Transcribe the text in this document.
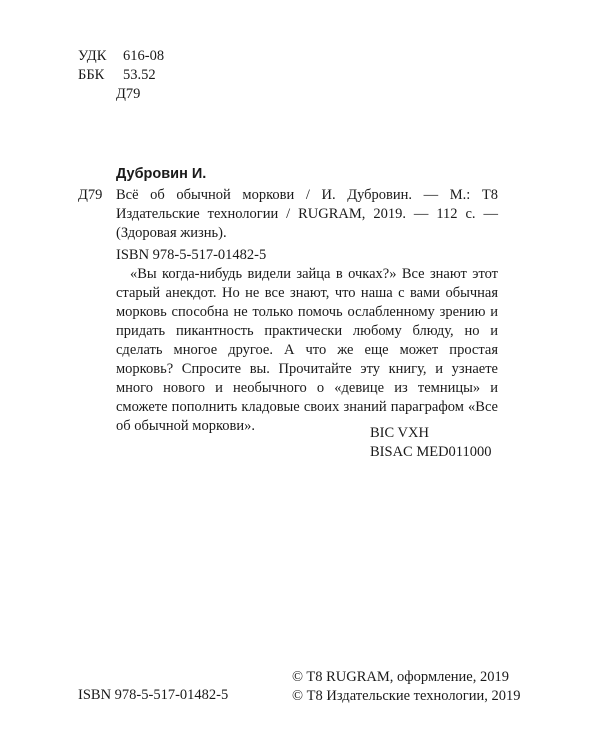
УДК 616-08
ББК 53.52
Д79
Дубровин И.
Д79 Всё об обычной моркови / И. Дубровин. — М.: Т8 Издательские технологии / RUGRAM, 2019. — 112 с. — (Здоровая жизнь).
ISBN 978-5-517-01482-5

«Вы когда-нибудь видели зайца в очках?» Все знают этот старый анекдот. Но не все знают, что наша с вами обычная морковь способна не только помочь ослабленному зрению и придать пикантность практически любому блюду, но и сделать многое другое. А что же еще может простая морковь? Спросите вы. Прочитайте эту книгу, и узнаете много нового и необычного о «девице из темницы» и сможете пополнить кладовые своих знаний параграфом «Все об обычной моркови».	BIC VXH
BISAC MED011000
© T8 RUGRAM, оформление, 2019
© Т8 Издательские технологии, 2019
ISBN 978-5-517-01482-5
